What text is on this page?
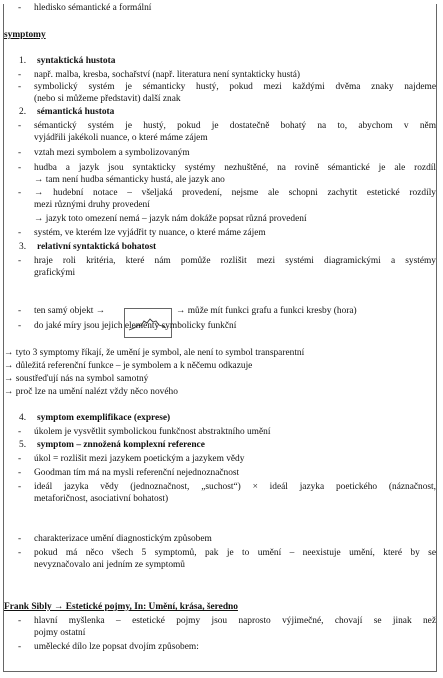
- hledisko sémantické a formální
symptomy
1. syntaktická hustota
- např. malba, kresba, sochařství (např. literatura není syntakticky hustá)
- symbolický systém je sémanticky hustý, pokud mezi každými dvěma znaky najdeme
(nebo si můžeme představit) další znak
2. sémantická hustota
- sémantický systém je hustý, pokud je dostatečně bohatý na to, abychom v něm
vyjádřili jakékoli nuance, o které máme zájem
- vztah mezi symbolem a symbolizovaným
- hudba a jazyk jsou syntakticky systémy nezhuštěné, na rovině sémantické je ale rozdíl
→ tam není hudba sémanticky hustá, ale jazyk ano
- → hudební notace – všeljaká provedení, nejsme ale schopni zachytit estetické rozdíly
mezi různými druhy provedení
→ jazyk toto omezení nemá – jazyk nám dokáže popsat různá provedení
- systém, ve kterém lze vyjádřit ty nuance, o které máme zájem
3. relativní syntaktická bohatost
- hraje roli kritéria, které nám pomůže rozlišit mezi systémi diagramickými a systémy
grafickými
- ten samý objekt →	→ může mít funkci grafu a funkci kresby (hora)
- do jaké míry jsou jejich elementy symbolicky funkční
→ tyto 3 symptomy říkají, že umění je symbol, ale není to symbol transparentní
→ důležitá referenční funkce – je symbolem a k něčemu odkazuje
→ soustřeďují nás na symbol samotný
→ proč lze na umění nalézt vždy něco nového
4. symptom exemplifikace (exprese)
- úkolem je vysvětlit symbolickou funkčnost abstraktního umění
5. symptom – znnožená komplexní reference
- úkol = rozlišit mezi jazykem poetickým a jazykem vědy
- Goodman tím má na mysli referenční nejednoznačnost
- ideál jazyka vědy (jednoznačnost, „suchost“) × ideál jazyka poetického (náznačnost,
metaforičnost, asociativní bohatost)
- charakterizace umění diagnostickým způsobem
- pokud má něco všech 5 symptomů, pak je to umění – neexistuje umění, které by se
nevyznačovalo ani jedním ze symptomů
Frank Sibly → Estetické pojmy, In: Umění, krása, šeredno
- hlavní myšlenka – estetické pojmy jsou naprosto výjimečné, chovají se jinak než
pojmy ostatní
- umělecké dílo lze popsat dvojím způsobem:
